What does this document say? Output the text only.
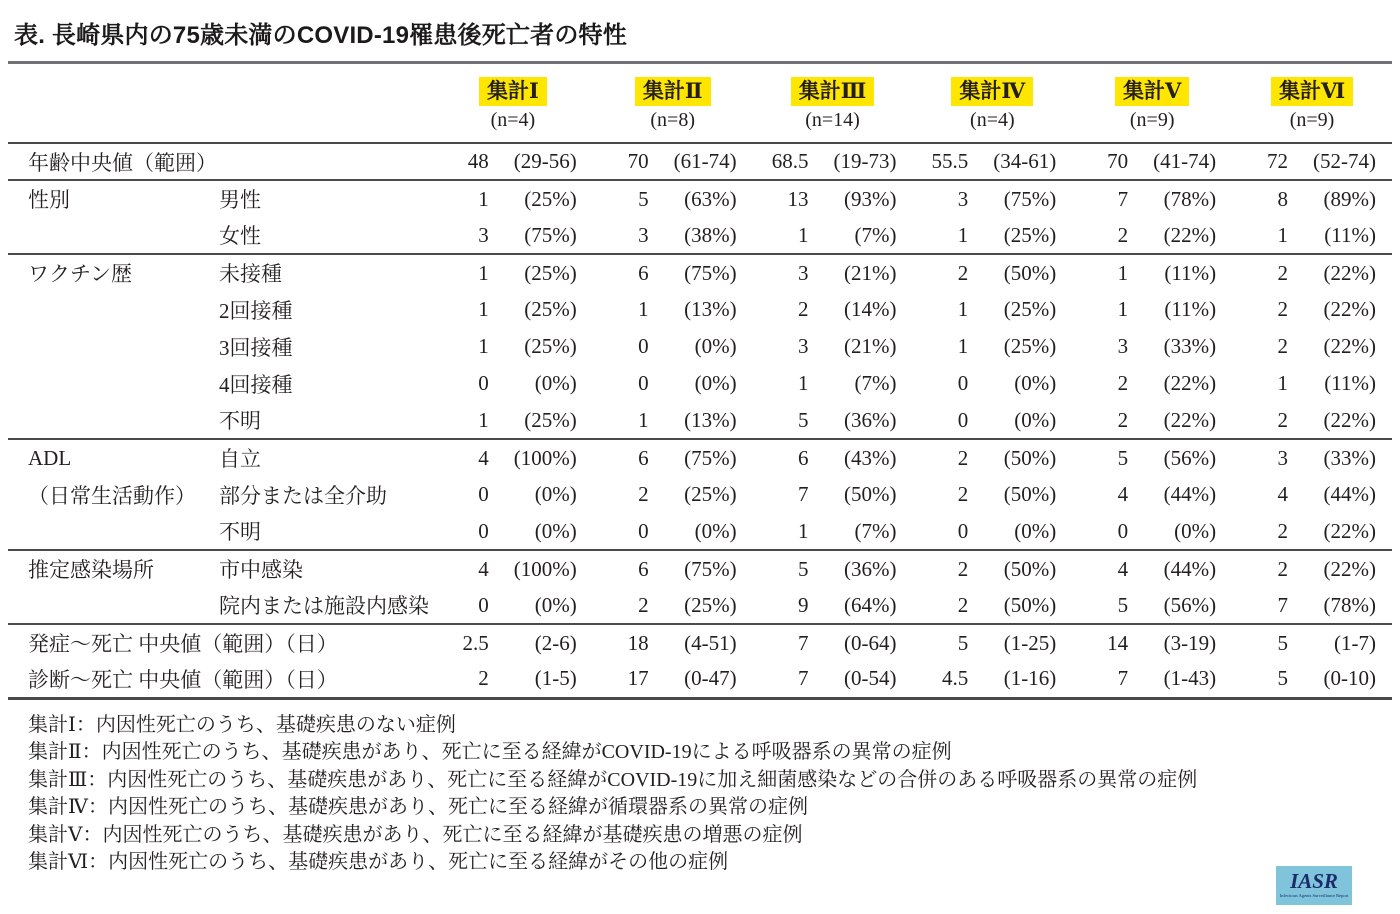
表. 長崎県内の75歳未満のCOVID-19罹患後死亡者の特性
		集計Ⅰ	集計Ⅱ	集計Ⅲ	集計Ⅳ	集計Ⅴ	集計Ⅵ
		(n=4)	(n=8)	(n=14)	(n=4)	(n=9)	(n=9)
年齢中央値（範囲）		48 (29-56)	70 (61-74)	68.5 (19-73)	55.5 (34-61)	70 (41-74)	72 (52-74)

性別	男性	1 (25%)	5 (63%)	13 (93%)	3 (75%)	7 (78%)	8 (89%)

	女性	3 (75%)	3 (38%)	1 (7%)	1 (25%)	2 (22%)	1 (11%)

ワクチン歴	未接種	1 (25%)	6 (75%)	3 (21%)	2 (50%)	1 (11%)	2 (22%)

	2回接種	1 (25%)	1 (13%)	2 (14%)	1 (25%)	1 (11%)	2 (22%)

	3回接種	1 (25%)	0 (0%)	3 (21%)	1 (25%)	3 (33%)	2 (22%)

	4回接種	0 (0%)	0 (0%)	1 (7%)	0 (0%)	2 (22%)	1 (11%)

	不明	1 (25%)	1 (13%)	5 (36%)	0 (0%)	2 (22%)	2 (22%)

ADL	自立	4 (100%)	6 (75%)	6 (43%)	2 (50%)	5 (56%)	3 (33%)

（日常生活動作）	部分または全介助	0 (0%)	2 (25%)	7 (50%)	2 (50%)	4 (44%)	4 (44%)

	不明	0 (0%)	0 (0%)	1 (7%)	0 (0%)	0 (0%)	2 (22%)

推定感染場所	市中感染	4 (100%)	6 (75%)	5 (36%)	2 (50%)	4 (44%)	2 (22%)

	院内または施設内感染	0 (0%)	2 (25%)	9 (64%)	2 (50%)	5 (56%)	7 (78%)

発症～死亡 中央値（範囲）（日）		2.5 (2-6)	18 (4-51)	7 (0-64)	5 (1-25)	14 (3-19)	5 (1-7)

診断～死亡 中央値（範囲）（日）		2 (1-5)	17 (0-47)	7 (0-54)	4.5 (1-16)	7 (1-43)	5 (0-10)
集計Ⅰ：内因性死亡のうち、基礎疾患のない症例
集計Ⅱ：内因性死亡のうち、基礎疾患があり、死亡に至る経緯がCOVID-19による呼吸器系の異常の症例
集計Ⅲ：内因性死亡のうち、基礎疾患があり、死亡に至る経緯がCOVID-19に加え細菌感染などの合併のある呼吸器系の異常の症例
集計Ⅳ：内因性死亡のうち、基礎疾患があり、死亡に至る経緯が循環器系の異常の症例
集計Ⅴ：内因性死亡のうち、基礎疾患があり、死亡に至る経緯が基礎疾患の増悪の症例
集計Ⅵ：内因性死亡のうち、基礎疾患があり、死亡に至る経緯がその他の症例
IASR
Infectious Agents Surveillance Report
